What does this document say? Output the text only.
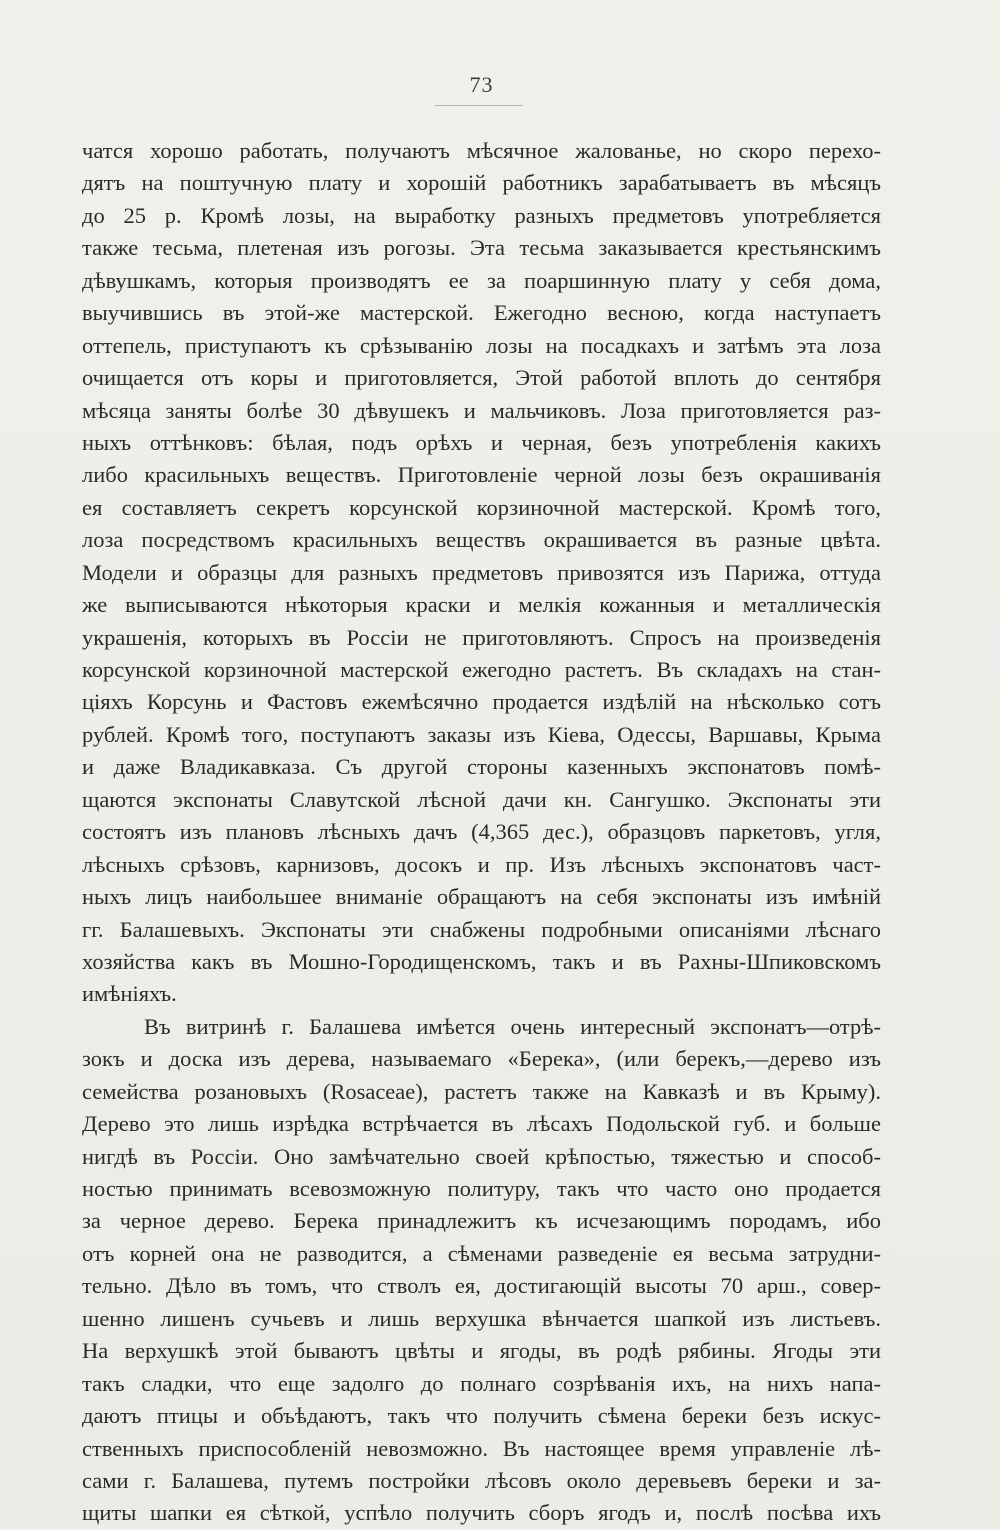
73
чатся хорошо работать, получаютъ мѣсячное жалованье, но скоро перехо-
дятъ на поштучную плату и хорошій работникъ зарабатываетъ въ мѣсяцъ
до 25 р. Кромѣ лозы, на выработку разныхъ предметовъ употребляется
также тесьма, плетеная изъ рогозы. Эта тесьма заказывается крестьянскимъ
дѣвушкамъ, которыя производятъ ее за поаршинную плату у себя дома,
выучившись въ этой-же мастерской. Ежегодно весною, когда наступаетъ
оттепель, приступаютъ къ срѣзыванію лозы на посадкахъ и затѣмъ эта лоза
очищается отъ коры и приготовляется, Этой работой вплоть до сентября
мѣсяца заняты болѣе 30 дѣвушекъ и мальчиковъ. Лоза приготовляется раз-
ныхъ оттѣнковъ: бѣлая, подъ орѣхъ и черная, безъ употребленія какихъ
либо красильныхъ веществъ. Приготовленіе черной лозы безъ окрашиванія
ея составляетъ секретъ корсунской корзиночной мастерской. Кромѣ того,
лоза посредствомъ красильныхъ веществъ окрашивается въ разные цвѣта.
Модели и образцы для разныхъ предметовъ привозятся изъ Парижа, оттуда
же выписываются нѣкоторыя краски и мелкія кожанныя и металлическія
украшенія, которыхъ въ Россіи не приготовляютъ. Спросъ на произведенія
корсунской корзиночной мастерской ежегодно растетъ. Въ складахъ на стан-
ціяхъ Корсунь и Фастовъ ежемѣсячно продается издѣлій на нѣсколько сотъ
рублей. Кромѣ того, поступаютъ заказы изъ Кіева, Одессы, Варшавы, Крыма
и даже Владикавказа. Съ другой стороны казенныхъ экспонатовъ помѣ-
щаются экспонаты Славутской лѣсной дачи кн. Сангушко. Экспонаты эти
состоятъ изъ плановъ лѣсныхъ дачъ (4,365 дес.), образцовъ паркетовъ, угля,
лѣсныхъ срѣзовъ, карнизовъ, досокъ и пр. Изъ лѣсныхъ экспонатовъ част-
ныхъ лицъ наибольшее вниманіе обращаютъ на себя экспонаты изъ имѣній
гг. Балашевыхъ. Экспонаты эти снабжены подробными описаніями лѣснаго
хозяйства какъ въ Мошно-Городищенскомъ, такъ и въ Рахны-Шпиковскомъ
имѣніяхъ.
Въ витринѣ г. Балашева имѣется очень интересный экспонатъ—отрѣ-
зокъ и доска изъ дерева, называемаго «Берека», (или берекъ,—дерево изъ
семейства розановыхъ (Rosaceae), растетъ также на Кавказѣ и въ Крыму).
Дерево это лишь изрѣдка встрѣчается въ лѣсахъ Подольской губ. и больше
нигдѣ въ Россіи. Оно замѣчательно своей крѣпостью, тяжестью и способ-
ностью принимать всевозможную политуру, такъ что часто оно продается
за черное дерево. Берека принадлежитъ къ исчезающимъ породамъ, ибо
отъ корней она не разводится, а сѣменами разведеніе ея весьма затрудни-
тельно. Дѣло въ томъ, что стволъ ея, достигающій высоты 70 арш., совер-
шенно лишенъ сучьевъ и лишь верхушка вѣнчается шапкой изъ листьевъ.
На верхушкѣ этой бываютъ цвѣты и ягоды, въ родѣ рябины. Ягоды эти
такъ сладки, что еще задолго до полнаго созрѣванія ихъ, на нихъ напа-
даютъ птицы и объѣдаютъ, такъ что получить сѣмена береки безъ искус-
ственныхъ приспособленій невозможно. Въ настоящее время управленіе лѣ-
сами г. Балашева, путемъ постройки лѣсовъ около деревьевъ береки и за-
щиты шапки ея сѣткой, успѣло получить сборъ ягодъ и, послѣ посѣва ихъ
